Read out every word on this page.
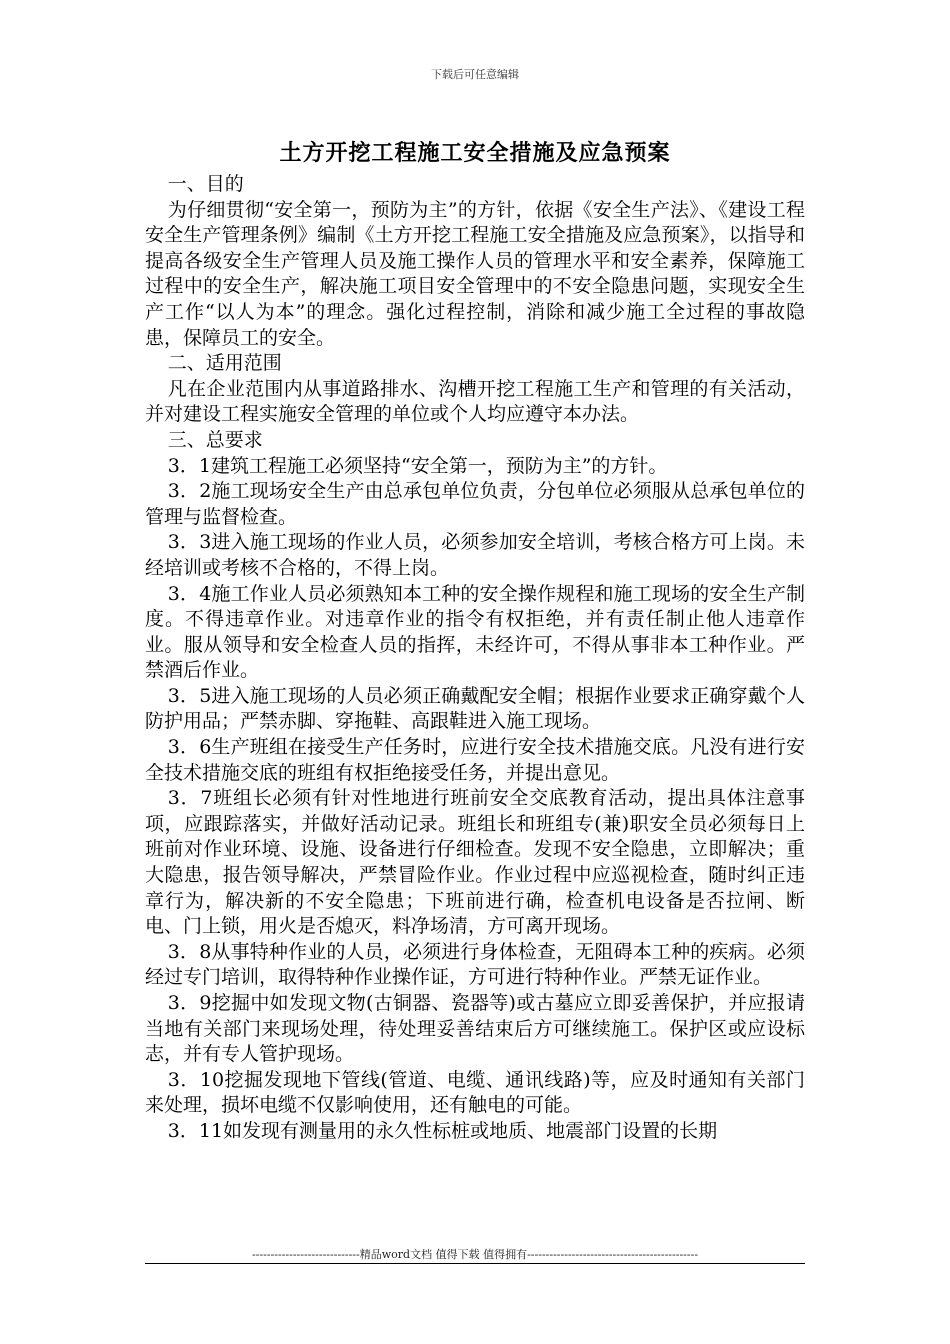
下载后可任意编辑
土方开挖工程施工安全措施及应急预案

一、目的

为仔细贯彻“安全第一，预防为主”的方针，依据《安全生产法》、《建设工程安全生产管理条例》编制《土方开挖工程施工安全措施及应急预案》，以指导和提高各级安全生产管理人员及施工操作人员的管理水平和安全素养，保障施工过程中的安全生产，解决施工项目安全管理中的不安全隐患问题，实现安全生产工作“以人为本”的理念。强化过程控制，消除和减少施工全过程的事故隐患，保障员工的安全。

二、适用范围

凡在企业范围内从事道路排水、沟槽开挖工程施工生产和管理的有关活动，并对建设工程实施安全管理的单位或个人均应遵守本办法。

三、总要求

3．1建筑工程施工必须坚持“安全第一，预防为主”的方针。

3．2施工现场安全生产由总承包单位负责，分包单位必须服从总承包单位的管理与监督检查。

3．3进入施工现场的作业人员，必须参加安全培训，考核合格方可上岗。未经培训或考核不合格的，不得上岗。

3．4施工作业人员必须熟知本工种的安全操作规程和施工现场的安全生产制度。不得违章作业。对违章作业的指令有权拒绝，并有责任制止他人违章作业。服从领导和安全检查人员的指挥，未经许可，不得从事非本工种作业。严禁酒后作业。

3．5进入施工现场的人员必须正确戴配安全帽；根据作业要求正确穿戴个人防护用品；严禁赤脚、穿拖鞋、高跟鞋进入施工现场。

3．6生产班组在接受生产任务时，应进行安全技术措施交底。凡没有进行安全技术措施交底的班组有权拒绝接受任务，并提出意见。

3．7班组长必须有针对性地进行班前安全交底教育活动，提出具体注意事项，应跟踪落实，并做好活动记录。班组长和班组专(兼)职安全员必须每日上班前对作业环境、设施、设备进行仔细检查。发现不安全隐患，立即解决；重大隐患，报告领导解决，严禁冒险作业。作业过程中应巡视检查，随时纠正违章行为，解决新的不安全隐患；下班前进行确，检查机电设备是否拉闸、断电、门上锁，用火是否熄灭，料净场清，方可离开现场。

3．8从事特种作业的人员，必须进行身体检查，无阻碍本工种的疾病。必须经过专门培训，取得特种作业操作证，方可进行特种作业。严禁无证作业。

3．9挖掘中如发现文物(古铜器、瓷器等)或古墓应立即妥善保护，并应报请当地有关部门来现场处理，待处理妥善结束后方可继续施工。保护区或应设标志，并有专人管护现场。

3．10挖掘发现地下管线(管道、电缆、通讯线路)等，应及时通知有关部门来处理，损坏电缆不仅影响使用，还有触电的可能。

3．11如发现有测量用的永久性标桩或地质、地震部门设置的长期

-----------------------------精品word文档 值得下载 值得拥有----------------------------------------------
